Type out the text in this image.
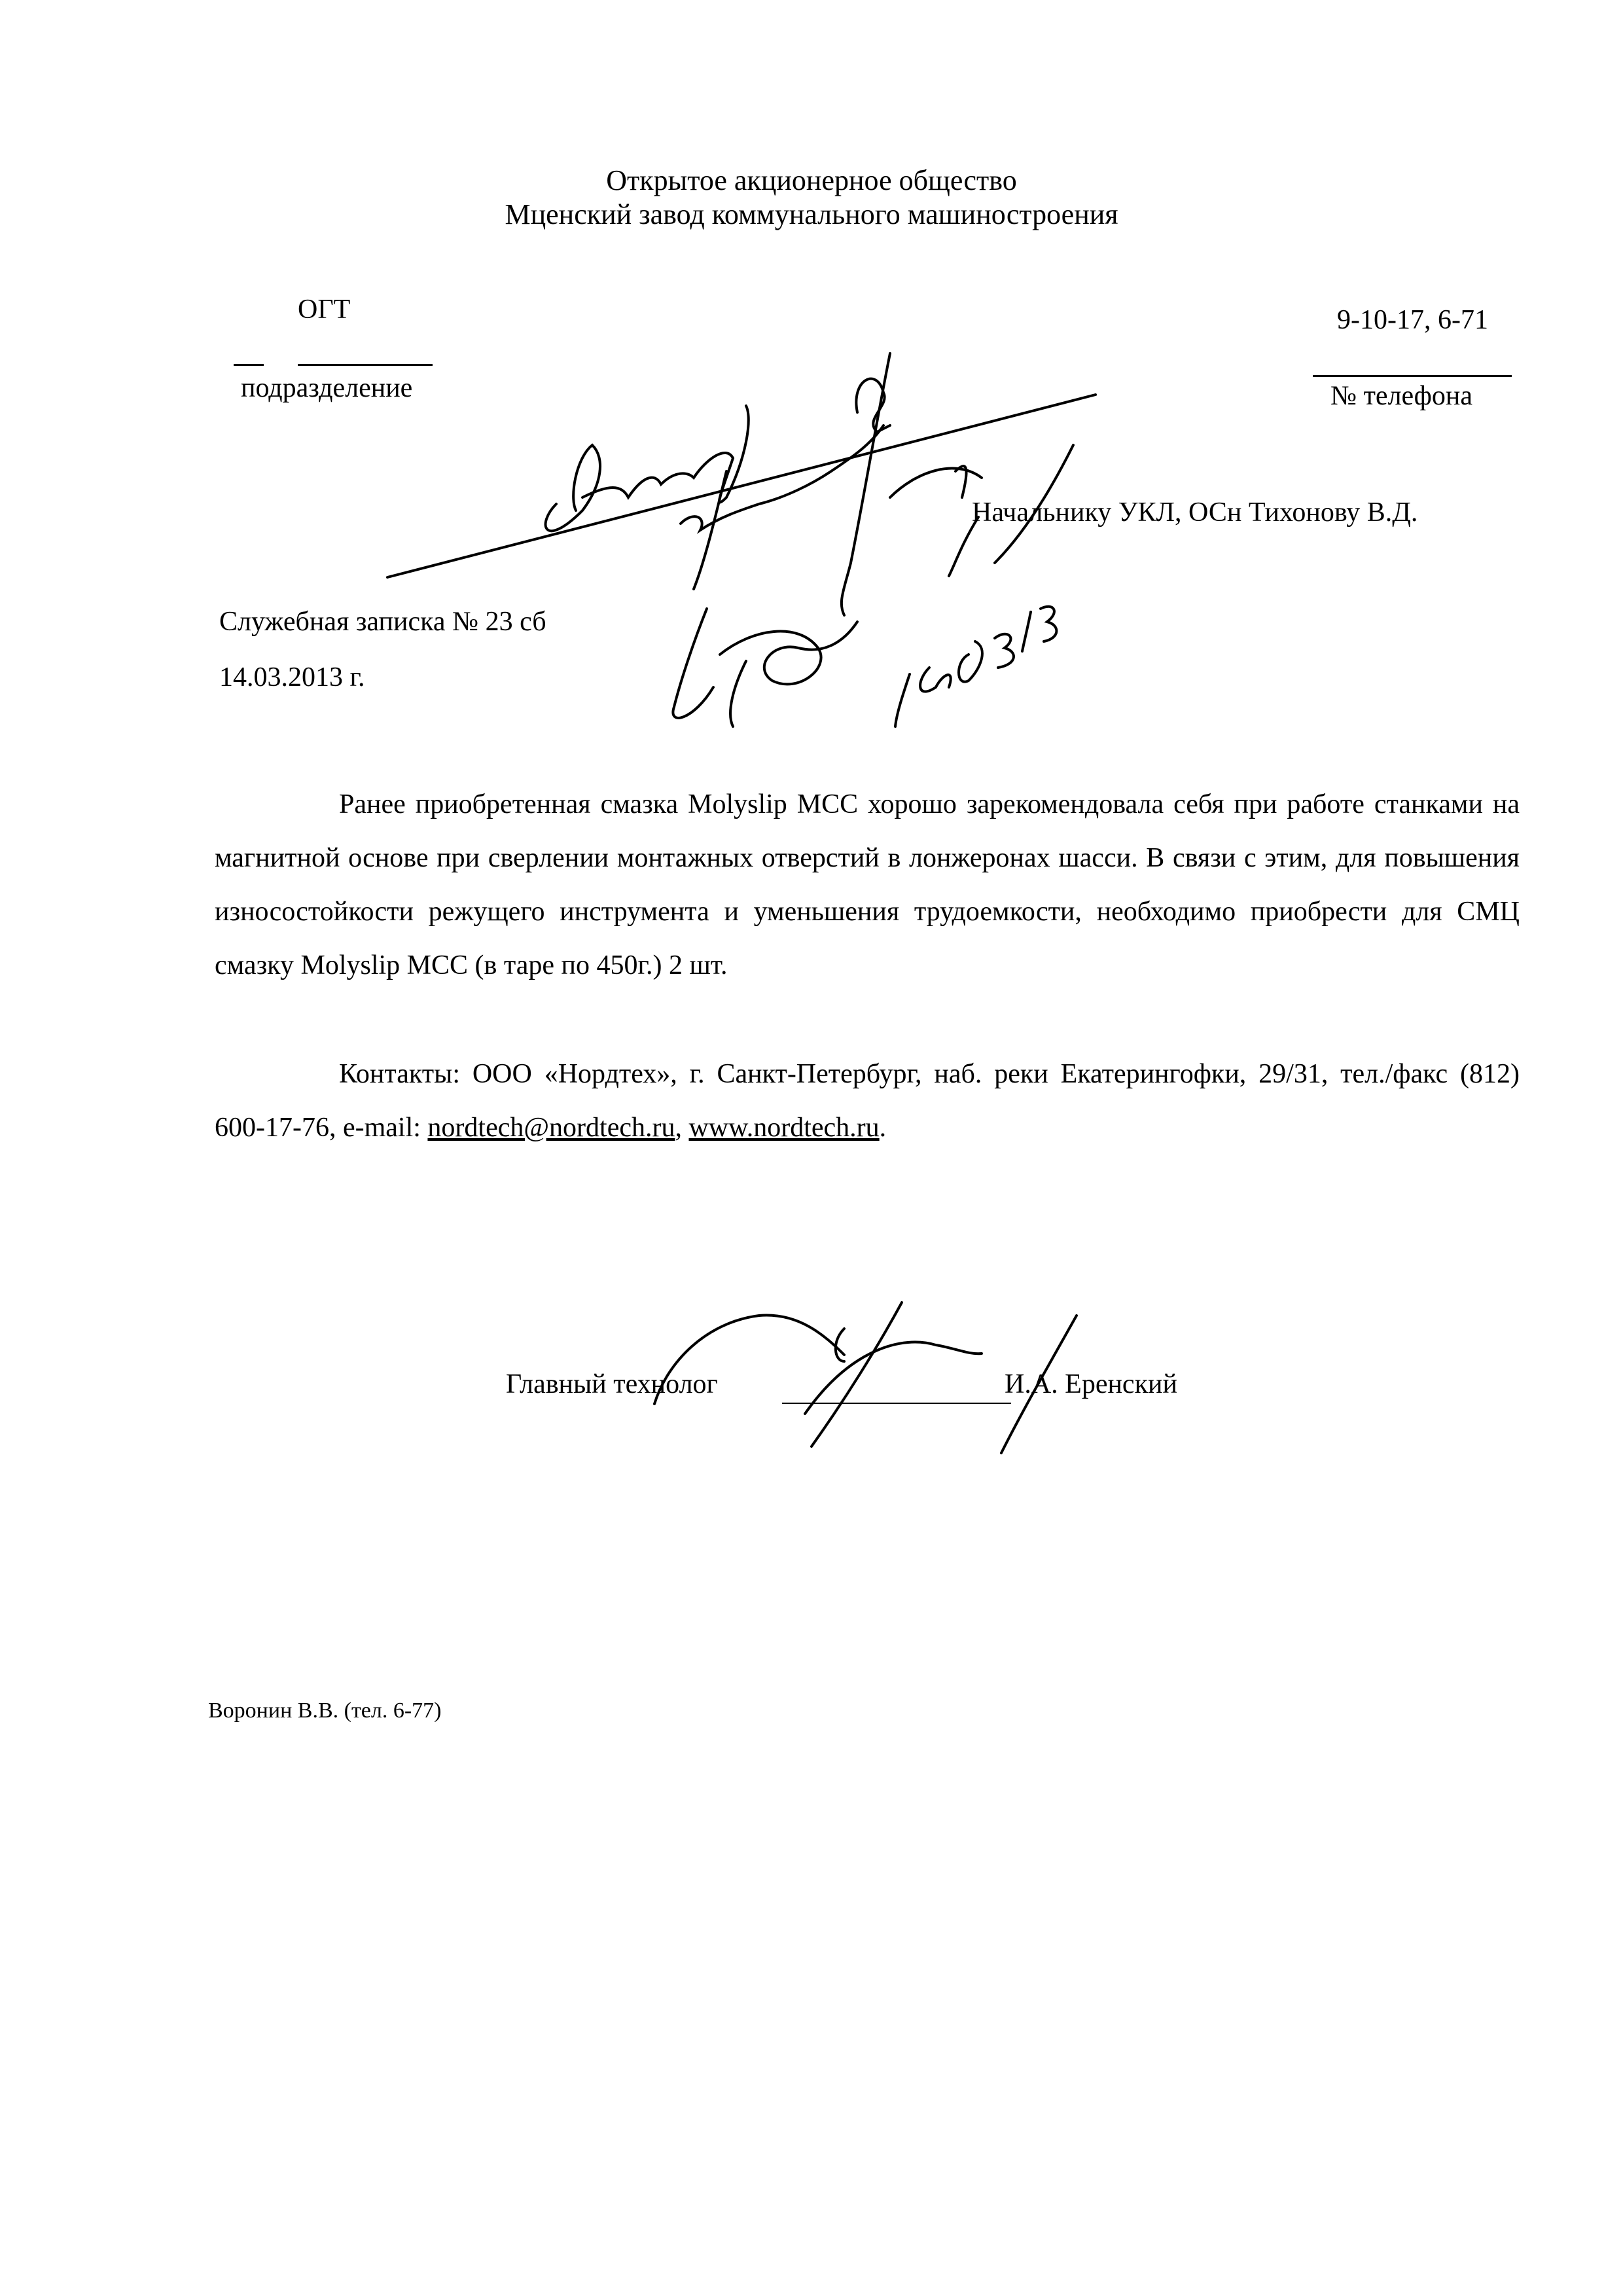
Открытое акционерное общество
Мценский завод коммунального машиностроения
ОГТ
подразделение
9-10-17, 6-71
№ телефона
Начальнику УКЛ, ОСн Тихонову В.Д.
Служебная записка № 23 сб
14.03.2013 г.
Ранее приобретенная смазка Molyslip MCC хорошо зарекомендовала себя при работе станками на магнитной основе при сверлении монтажных отверстий в лонжеронах шасси. В связи с этим, для повышения износостойкости режущего инструмента и уменьшения трудоемкости, необходимо приобрести для СМЦ смазку Molyslip MCC (в таре по 450г.) 2 шт.
Контакты: ООО «Нордтех», г. Санкт-Петербург, наб. реки Екатерингофки, 29/31, тел./факс (812) 600-17-76, e-mail: nordtech@nordtech.ru, www.nordtech.ru.
Главный технолог	И.А. Еренский
Воронин В.В. (тел. 6-77)
